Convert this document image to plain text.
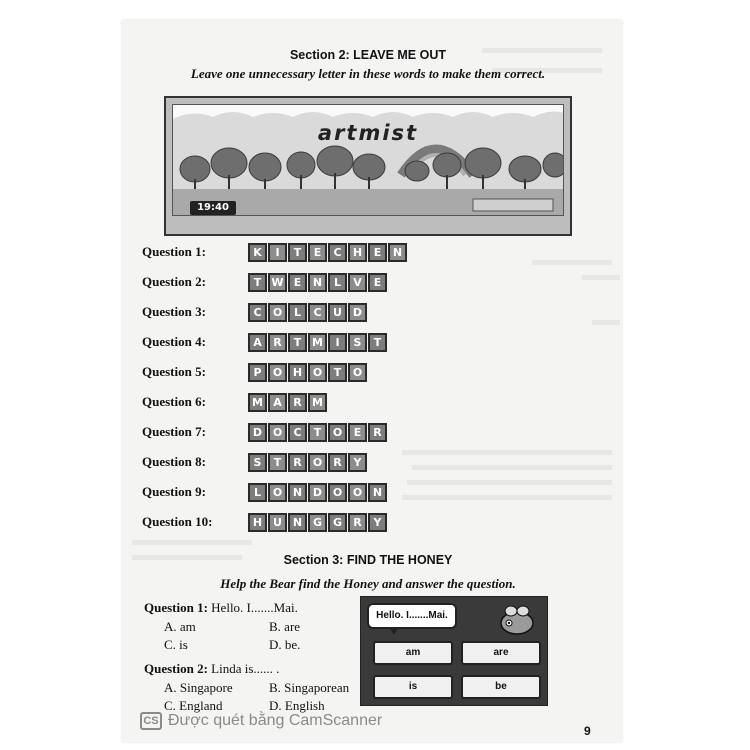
Section 2: LEAVE ME OUT
Leave one unnecessary letter in these words to make them correct.
artmist
19:40
Question 1:	K	I	T	E	C	H	E	N
Question 2:	T W E	N	L	V	E
Question 3:	C	O	L	C	U D
Question 4:	A	R	T M	I	S	T
Question 5:	P	O H O	T	O
Question 6:	M A	R M
Question 7:	D O	C	T	O	E	R
Question 8:	S	T	R	O	R	Y
Question 9:	L	O N D O O N
Question 10:	H U N G G	R	Y
Section 3: FIND THE HONEY
Help the Bear find the Honey and answer the question.
Question 1: Hello. I.......Mai.
A. am	B. are
C. is	D. be.
Question 2: Linda is...... .
A. Singapore	B. Singaporean
C. England	D. English
Hello. I.......Mai.
am	are
is	be
CS Được quét bằng CamScanner
9
